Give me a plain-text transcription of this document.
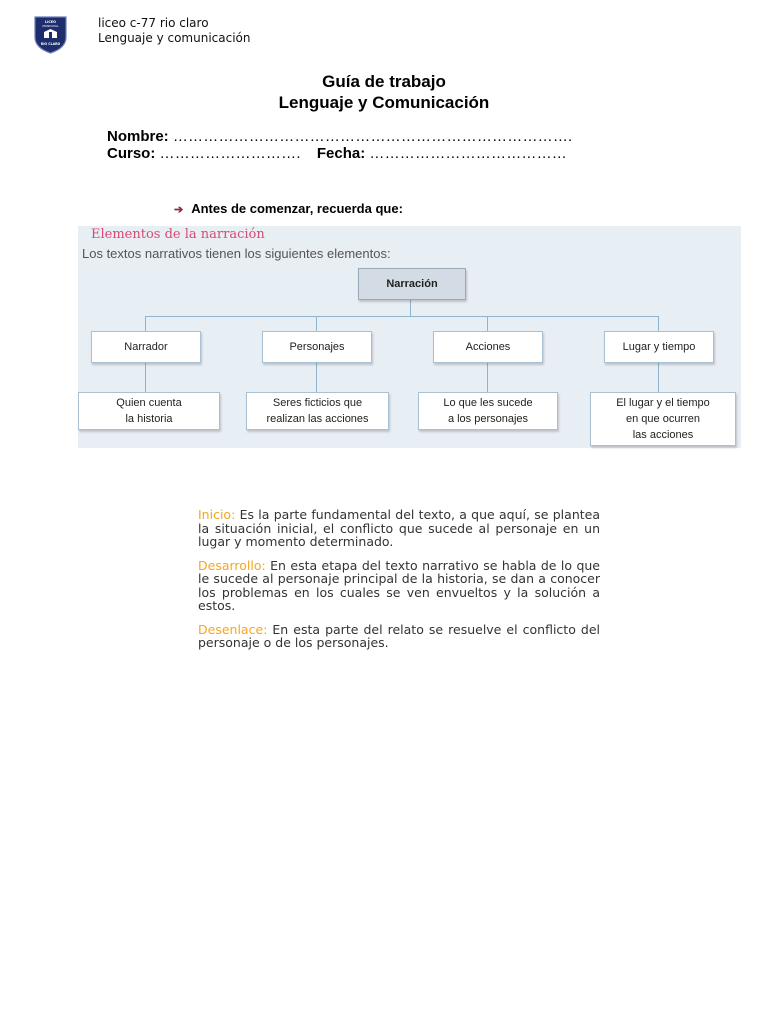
LICEO
MUNICIPAL
RIO CLARO
liceo c-77 rio claro
Lenguaje y comunicación
Guía de trabajo
Lenguaje y Comunicación
Nombre: …………………………………………………………………….
Curso: ………………………. Fecha: …………………………………
➔ Antes de comenzar, recuerda que:
Elementos de la narración
Los textos narrativos tienen los siguientes elementos:
Narración
Narrador	Personajes	Acciones	Lugar y tiempo
Quien cuenta
la historia
Seres ficticios que
realizan las acciones
Lo que les sucede
a los personajes
El lugar y el tiempo
en que ocurren
las acciones

Inicio: Es la parte fundamental del texto, a que aquí, se plantea la situación inicial, el conflicto que sucede al personaje en un lugar y momento determinado.

Desarrollo: En esta etapa del texto narrativo se habla de lo que le sucede al personaje principal de la historia, se dan a conocer los problemas en los cuales se ven envueltos y la solución a estos.

Desenlace: En esta parte del relato se resuelve el conflicto del personaje o de los personajes.
